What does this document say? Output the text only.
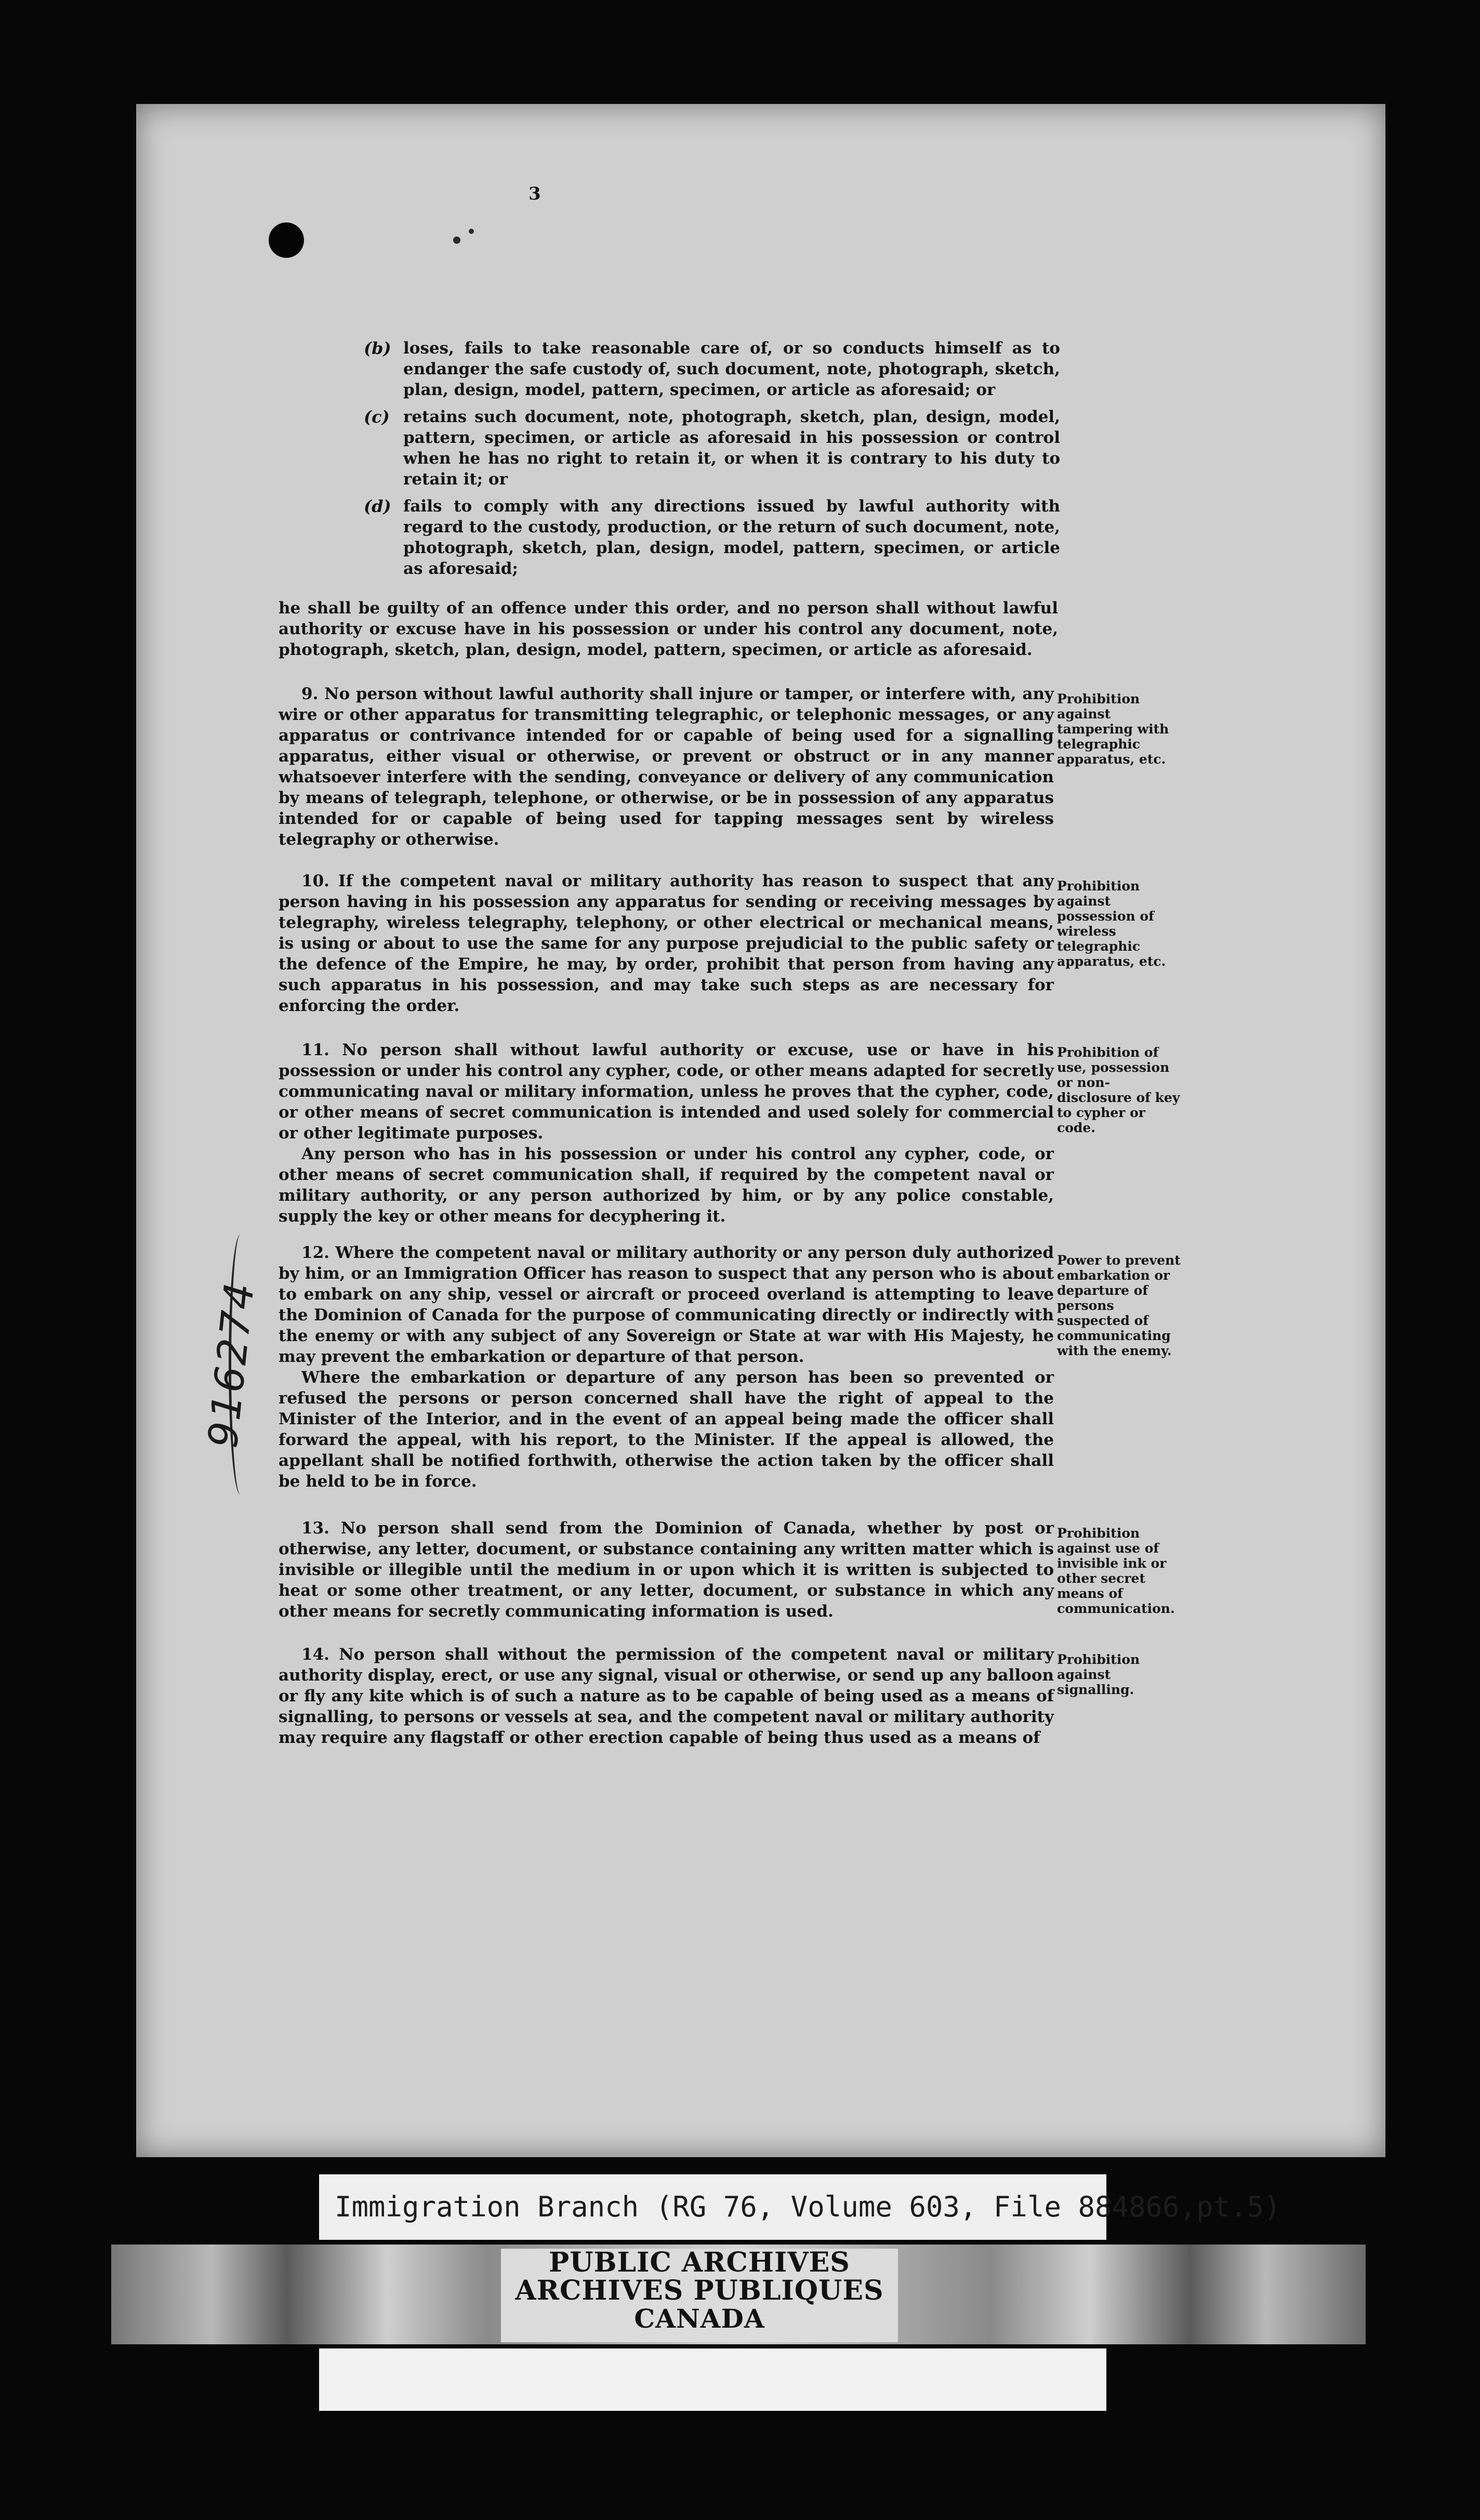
3
(b) loses, fails to take reasonable care of, or so conducts himself as to endanger the safe custody of, such document, note, photograph, sketch, plan, design, model, pattern, specimen, or article as aforesaid; or
(c) retains such document, note, photograph, sketch, plan, design, model, pattern, specimen, or article as aforesaid in his possession or control when he has no right to retain it, or when it is contrary to his duty to retain it; or
(d) fails to comply with any directions issued by lawful authority with regard to the custody, production, or the return of such document, note, photograph, sketch, plan, design, model, pattern, specimen, or article as aforesaid;

he shall be guilty of an offence under this order, and no person shall without lawful authority or excuse have in his possession or under his control any document, note, photograph, sketch, plan, design, model, pattern, specimen, or article as aforesaid.

9. No person without lawful authority shall injure or tamper, or interfere with, any wire or other apparatus for transmitting telegraphic, or telephonic messages, or any apparatus or contrivance intended for or capable of being used for a signalling apparatus, either visual or otherwise, or prevent or obstruct or in any manner whatsoever interfere with the sending, conveyance or delivery of any communication by means of telegraph, telephone, or otherwise, or be in possession of any apparatus intended for or capable of being used for tapping messages sent by wireless telegraphy or otherwise.

Prohibition against tampering with telegraphic apparatus, etc.

10. If the competent naval or military authority has reason to suspect that any person having in his possession any apparatus for sending or receiving messages by telegraphy, wireless telegraphy, telephony, or other electrical or mechanical means, is using or about to use the same for any purpose prejudicial to the public safety or the defence of the Empire, he may, by order, prohibit that person from having any such apparatus in his possession, and may take such steps as are necessary for enforcing the order.

Prohibition against possession of wireless telegraphic apparatus, etc.

11. No person shall without lawful authority or excuse, use or have in his possession or under his control any cypher, code, or other means adapted for secretly communicating naval or military information, unless he proves that the cypher, code, or other means of secret communication is intended and used solely for commercial or other legitimate purposes.

Any person who has in his possession or under his control any cypher, code, or other means of secret communication shall, if required by the competent naval or military authority, or any person authorized by him, or by any police constable, supply the key or other means for decyphering it.

Prohibition of use, possession or non-disclosure of key to cypher or code.

12. Where the competent naval or military authority or any person duly authorized by him, or an Immigration Officer has reason to suspect that any person who is about to embark on any ship, vessel or aircraft or proceed overland is attempting to leave the Dominion of Canada for the purpose of communicating directly or indirectly with the enemy or with any subject of any Sovereign or State at war with His Majesty, he may prevent the embarkation or departure of that person.

Where the embarkation or departure of any person has been so prevented or refused the persons or person concerned shall have the right of appeal to the Minister of the Interior, and in the event of an appeal being made the officer shall forward the appeal, with his report, to the Minister. If the appeal is allowed, the appellant shall be notified forthwith, otherwise the action taken by the officer shall be held to be in force.

Power to prevent embarkation or departure of persons suspected of communicating with the enemy.

13. No person shall send from the Dominion of Canada, whether by post or otherwise, any letter, document, or substance containing any written matter which is invisible or illegible until the medium in or upon which it is written is subjected to heat or some other treatment, or any letter, document, or substance in which any other means for secretly communicating information is used.

Prohibition against use of invisible ink or other secret means of communication.

14. No person shall without the permission of the competent naval or military authority display, erect, or use any signal, visual or otherwise, or send up any balloon or fly any kite which is of such a nature as to be capable of being used as a means of signalling, to persons or vessels at sea, and the competent naval or military authority may require any flagstaff or other erection capable of being thus used as a means of

Prohibition against signalling.
916274
Immigration Branch (RG 76, Volume 603, File 884866,pt.5)
PUBLIC ARCHIVES
ARCHIVES PUBLIQUES
CANADA
